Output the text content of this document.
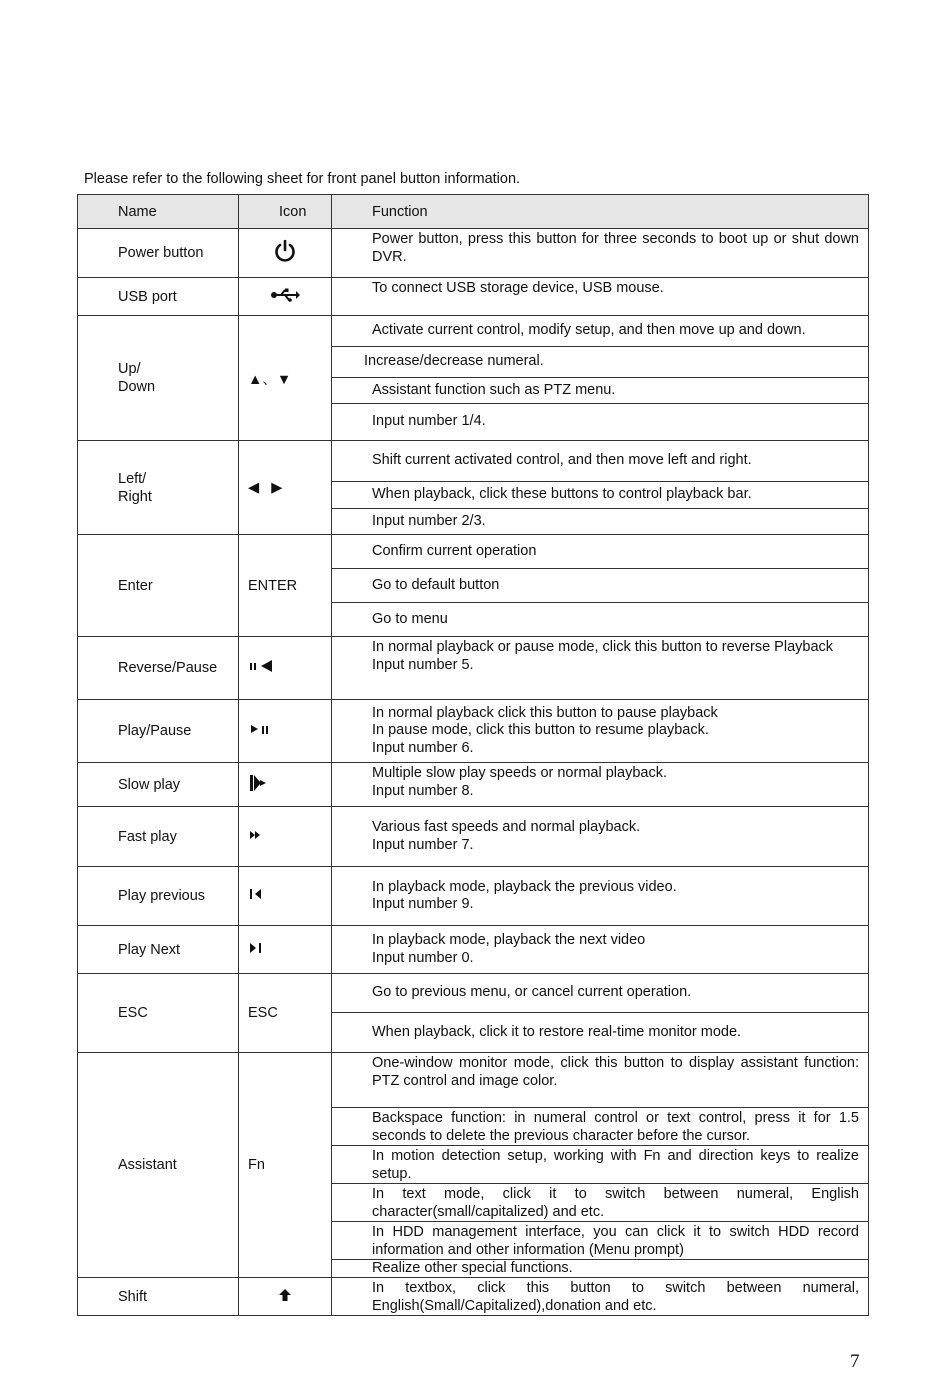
Please refer to the following sheet for front panel button information.
Name	Icon	Function
Power button		Power button, press this button for three seconds to boot up or shut down DVR.
USB port		To connect USB storage device, USB mouse.
Up/
Down	▲、▼	Activate current control, modify setup, and then move up and down.
		Increase/decrease numeral.
		Assistant function such as PTZ menu.
		Input number 1/4.
Left/
Right	◀   ▶	Shift current activated control, and then move left and right.
		When playback, click these buttons to control playback bar.
		Input number 2/3.
Enter	ENTER	Confirm current operation
		Go to default button
		Go to menu
Reverse/Pause		In normal playback or pause mode, click this button to reverse Playback
Input number 5.
Play/Pause		In normal playback click this button to pause playback
In pause mode, click this button to resume playback.
Input number 6.
Slow play		Multiple slow play speeds or normal playback.
Input number 8.
Fast play		Various fast speeds and normal playback.
Input number 7.
Play previous		In playback mode, playback the previous video.
Input number 9.
Play Next		In playback mode, playback the next video
Input number 0.
ESC	ESC	Go to previous menu, or cancel current operation.
		When playback, click it to restore real-time monitor mode.
Assistant	Fn	One-window monitor mode, click this button to display assistant function: PTZ control and image color.
		Backspace function: in numeral control or text control, press it for 1.5 seconds to delete the previous character before the cursor.
		In motion detection setup, working with Fn and direction keys to realize setup.
		In text mode, click it to switch between numeral, English character(small/capitalized) and etc.
		In HDD management interface, you can click it to switch HDD record information and other information (Menu prompt)
		Realize other special functions.
Shift		In textbox, click this button to switch between numeral, English(Small/Capitalized),donation and etc.
7
